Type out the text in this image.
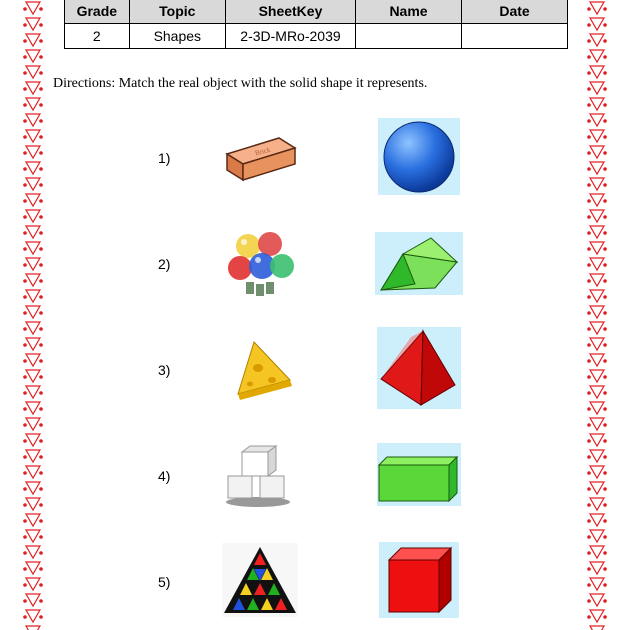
Grade	Topic	SheetKey	Name	Date
2	Shapes	2-3D-MRo-2039		
Directions: Match the real object with the solid shape it represents.
1)	Brick
2)
3)
4)
5)
